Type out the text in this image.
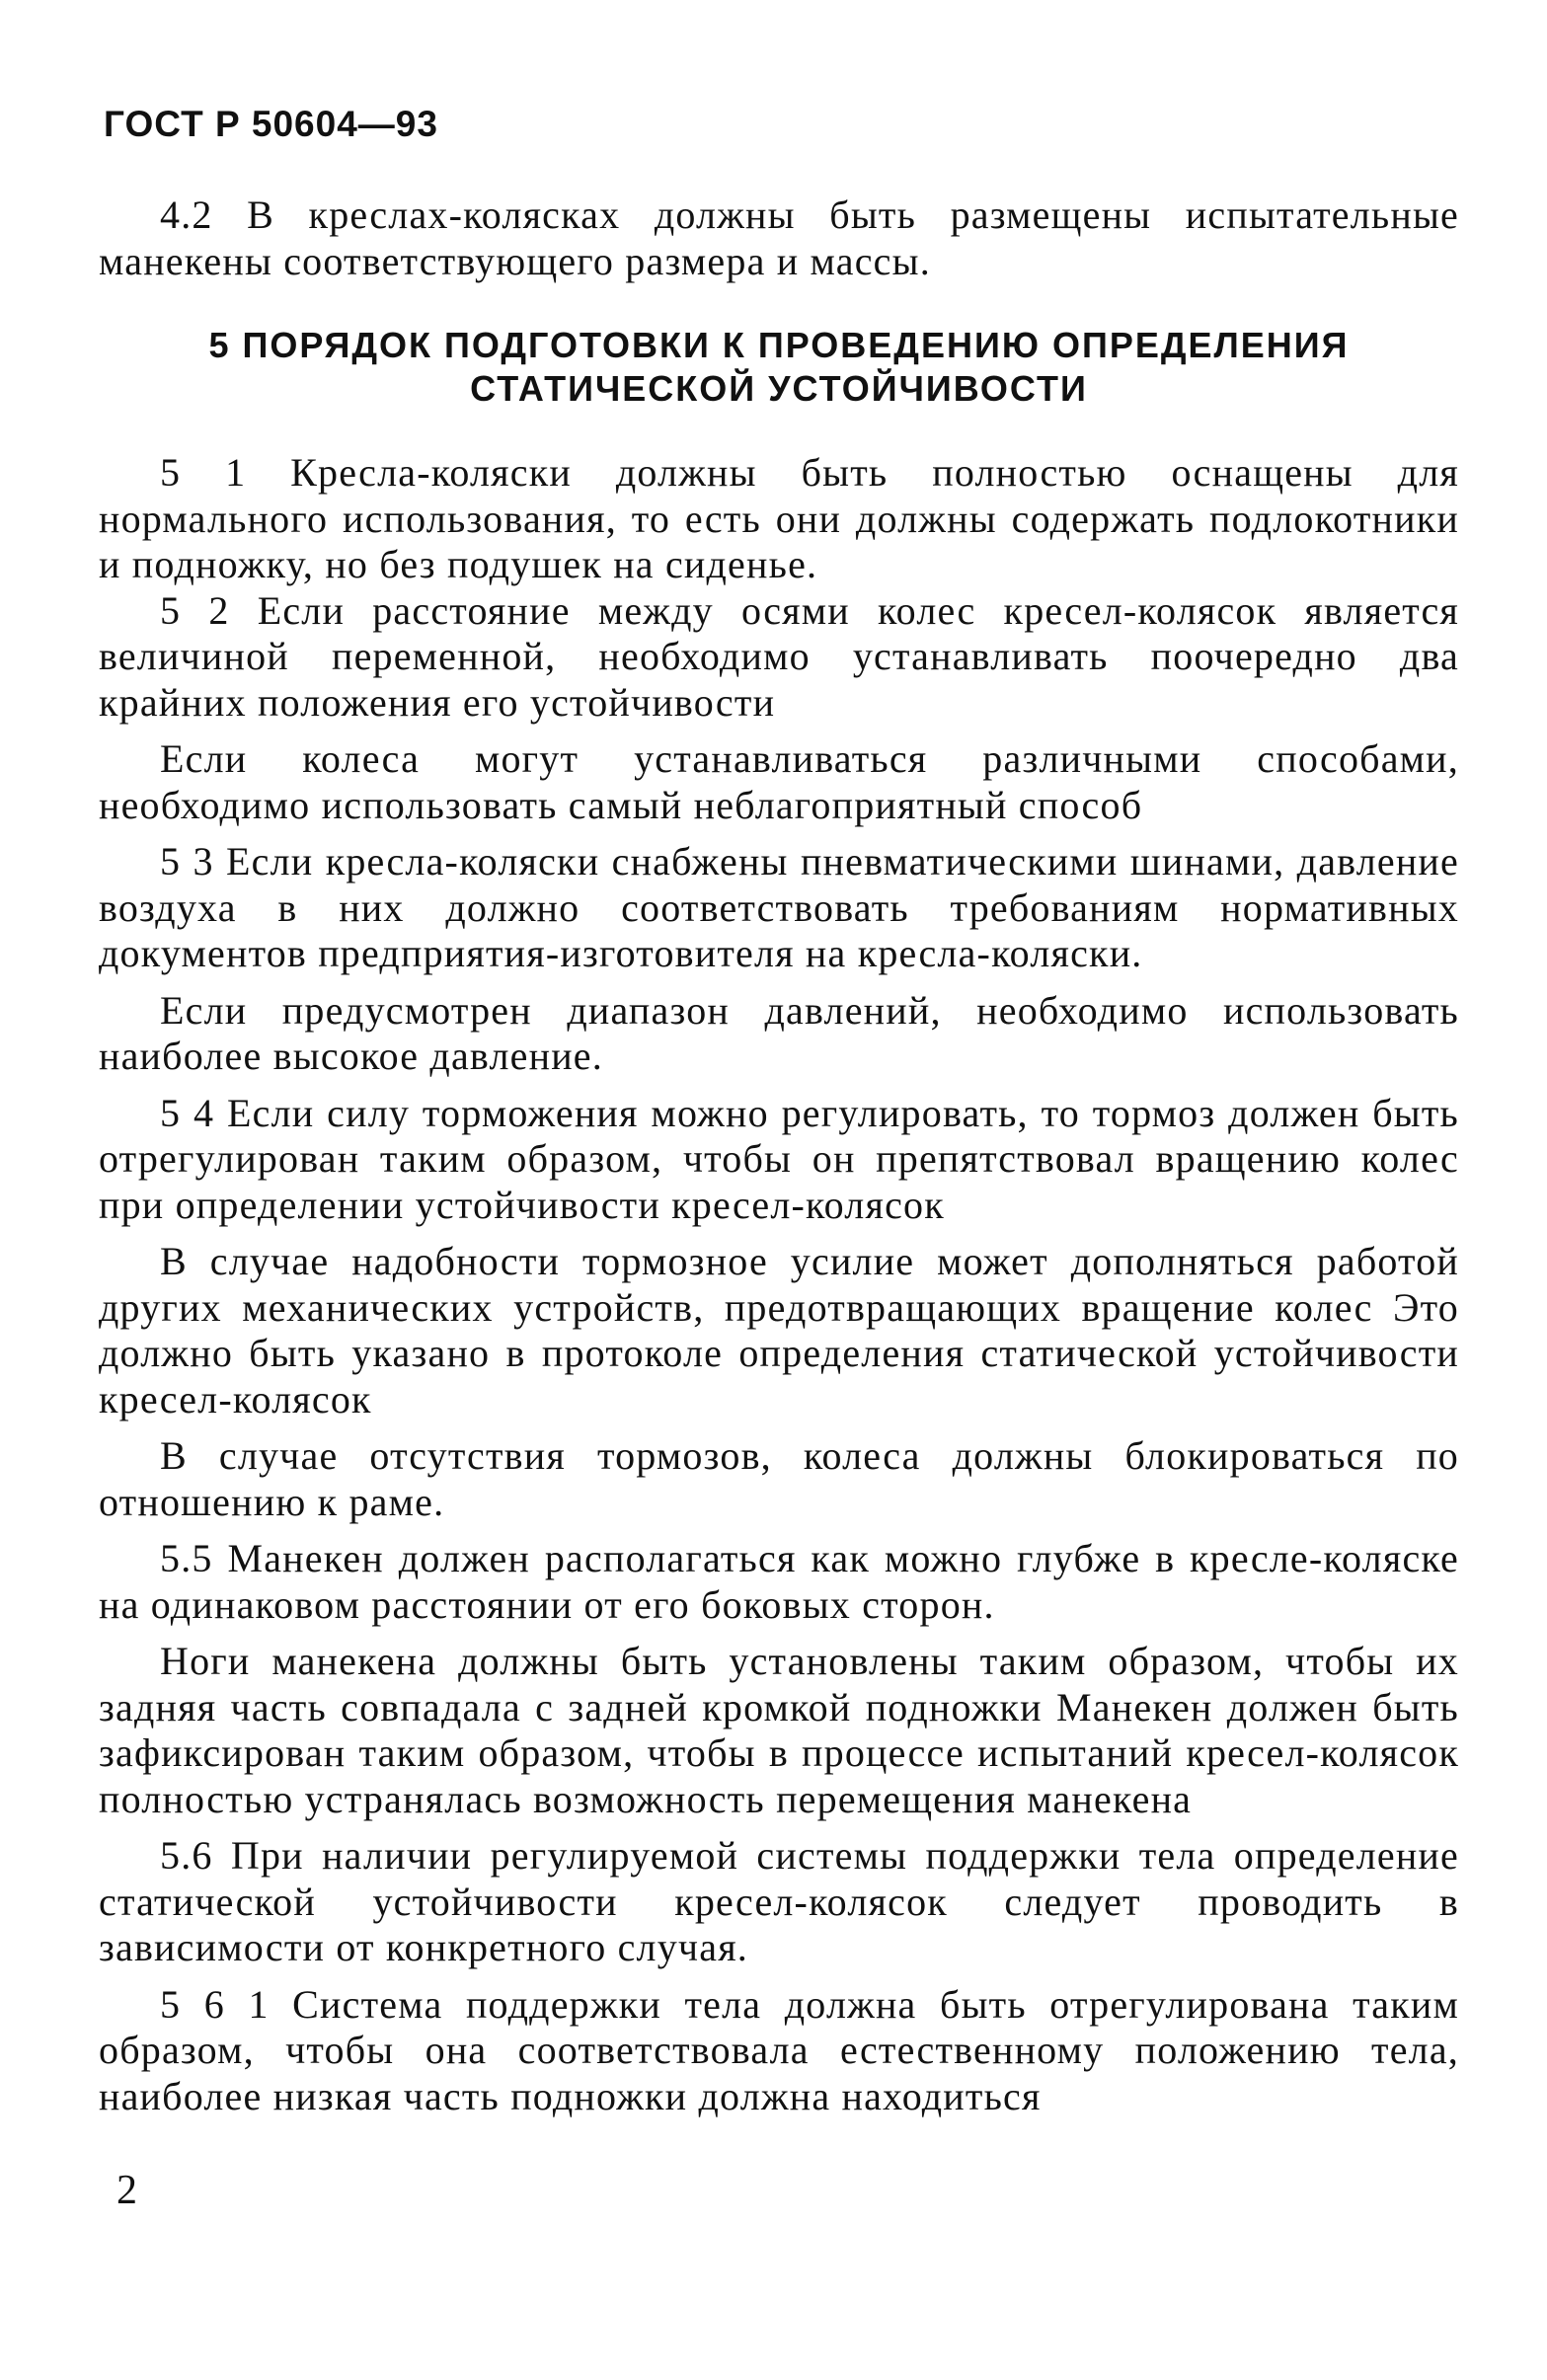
ГОСТ Р 50604—93

4.2 В креслах-колясках должны быть размещены испытательные манекены соответствующего размера и массы.

5 ПОРЯДОК ПОДГОТОВКИ К ПРОВЕДЕНИЮ ОПРЕДЕЛЕНИЯ СТАТИЧЕСКОЙ УСТОЙЧИВОСТИ

5 1 Кресла-коляски должны быть полностью оснащены для нормального использования, то есть они должны содержать подлокотники и подножку, но без подушек на сиденье.

5 2 Если расстояние между осями колес кресел-колясок является величиной переменной, необходимо устанавливать поочередно два крайних положения его устойчивости

Если колеса могут устанавливаться различными способами, необходимо использовать самый неблагоприятный способ

5 3 Если кресла-коляски снабжены пневматическими шинами, давление воздуха в них должно соответствовать требованиям нормативных документов предприятия-изготовителя на кресла-коляски.

Если предусмотрен диапазон давлений, необходимо использовать наиболее высокое давление.

5 4 Если силу торможения можно регулировать, то тормоз должен быть отрегулирован таким образом, чтобы он препятствовал вращению колес при определении устойчивости кресел-колясок

В случае надобности тормозное усилие может дополняться работой других механических устройств, предотвращающих вращение колес Это должно быть указано в протоколе определения статической устойчивости кресел-колясок

В случае отсутствия тормозов, колеса должны блокироваться по отношению к раме.

5.5 Манекен должен располагаться как можно глубже в кресле-коляске на одинаковом расстоянии от его боковых сторон.

Ноги манекена должны быть установлены таким образом, чтобы их задняя часть совпадала с задней кромкой подножки Манекен должен быть зафиксирован таким образом, чтобы в процессе испытаний кресел-колясок полностью устранялась возможность перемещения манекена

5.6 При наличии регулируемой системы поддержки тела определение статической устойчивости кресел-колясок следует проводить в зависимости от конкретного случая.

5 6 1 Система поддержки тела должна быть отрегулирована таким образом, чтобы она соответствовала естественному положению тела, наиболее низкая часть подножки должна находиться

2
